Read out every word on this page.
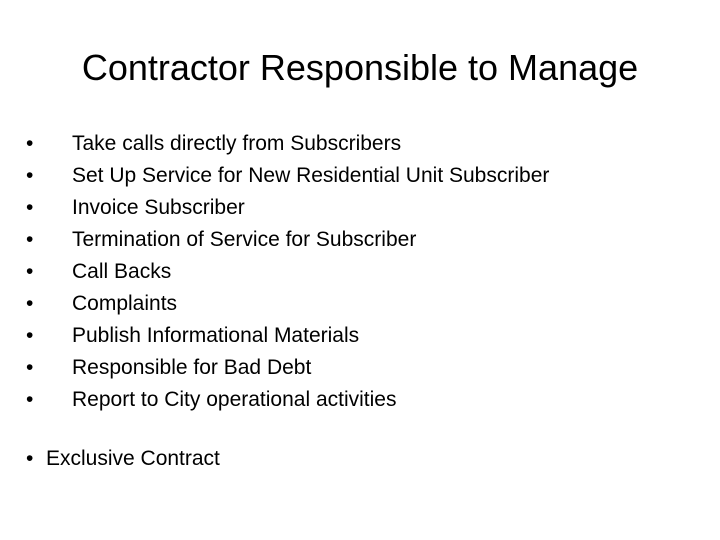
Contractor Responsible to Manage
•	Take calls directly from Subscribers
•	Set Up Service for New Residential Unit Subscriber
•	Invoice Subscriber
•	Termination of Service for Subscriber
•	Call Backs
•	Complaints
•	Publish Informational Materials
•	Responsible for Bad Debt
•	Report to City operational activities
• Exclusive Contract
